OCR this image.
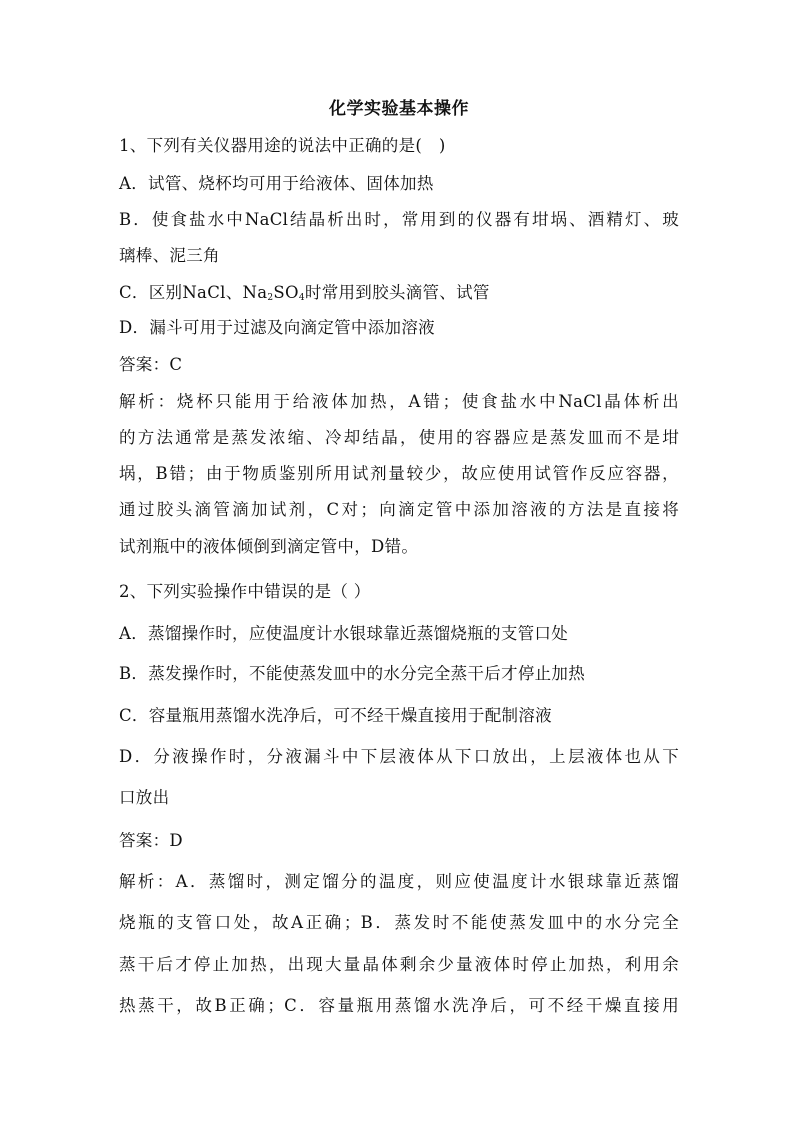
化学实验基本操作
1、下列有关仪器用途的说法中正确的是(　)
A．试管、烧杯均可用于给液体、固体加热
B．使食盐水中NaCl结晶析出时，常用到的仪器有坩埚、酒精灯、玻
璃棒、泥三角
C．区别NaCl、$Na_2SO_4$时常用到胶头滴管、试管
D．漏斗可用于过滤及向滴定管中添加溶液
答案：C
解析：烧杯只能用于给液体加热，A错；使食盐水中NaCl晶体析出
的方法通常是蒸发浓缩、冷却结晶，使用的容器应是蒸发皿而不是坩
埚，B错；由于物质鉴别所用试剂量较少，故应使用试管作反应容器，
通过胶头滴管滴加试剂，C对；向滴定管中添加溶液的方法是直接将
试剂瓶中的液体倾倒到滴定管中，D错。
2、下列实验操作中错误的是（ ）
A．蒸馏操作时，应使温度计水银球靠近蒸馏烧瓶的支管口处
B．蒸发操作时，不能使蒸发皿中的水分完全蒸干后才停止加热
C．容量瓶用蒸馏水洗净后，可不经干燥直接用于配制溶液
D．分液操作时，分液漏斗中下层液体从下口放出，上层液体也从下
口放出
答案：D
解析：A．蒸馏时，测定馏分的温度，则应使温度计水银球靠近蒸馏
烧瓶的支管口处，故A正确；B．蒸发时不能使蒸发皿中的水分完全
蒸干后才停止加热，出现大量晶体剩余少量液体时停止加热，利用余
热蒸干，故B正确；C．容量瓶用蒸馏水洗净后，可不经干燥直接用
